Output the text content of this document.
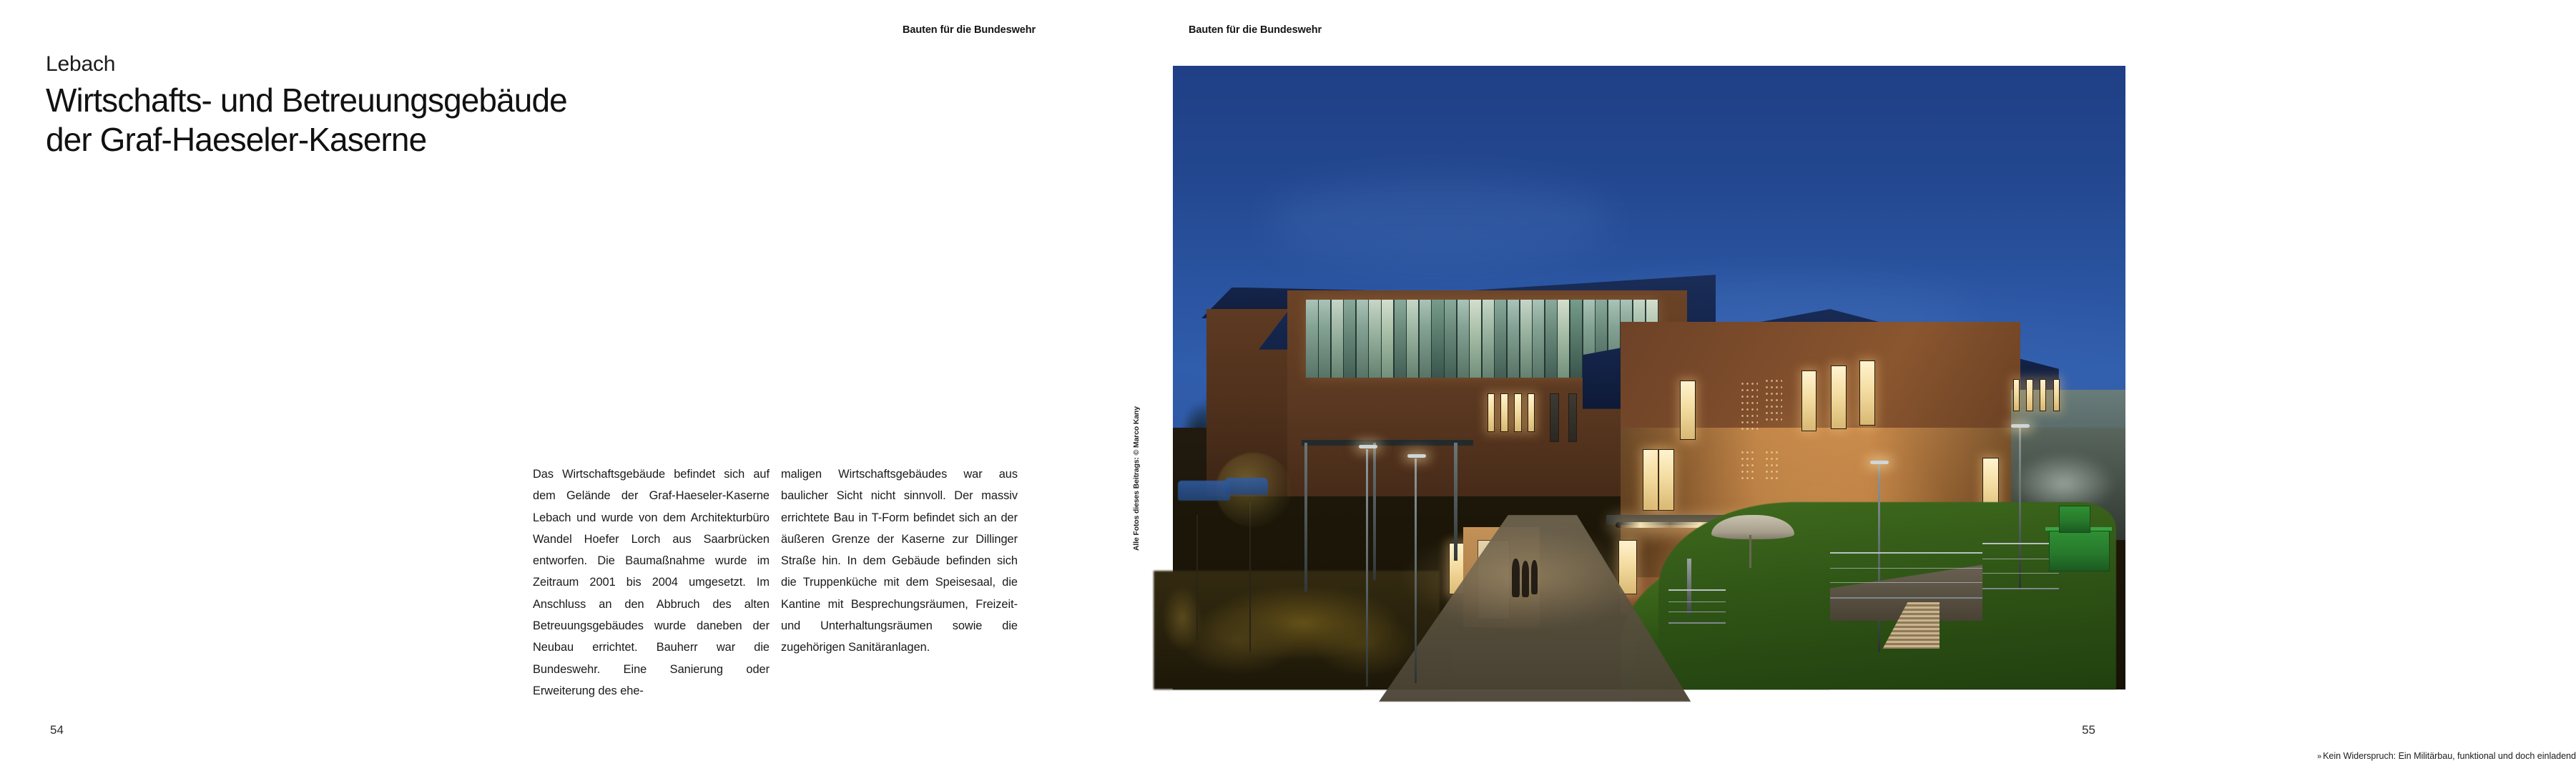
Bauten für die Bundeswehr
Lebach
Wirtschafts- und Betreuungsgebäude
der Graf-Haeseler-Kaserne

Das Wirtschaftsgebäude befindet sich auf dem Gelände der Graf-Haeseler-Kaserne Lebach und wurde von dem Architekturbüro Wandel Hoefer Lorch aus Saarbrücken entworfen. Die Baumaßnahme wurde im Zeitraum 2001 bis 2004 umgesetzt. Im Anschluss an den Abbruch des alten Betreuungsgebäudes wurde daneben der Neubau errichtet. Bauherr war die Bundeswehr. Eine Sanierung oder Erweiterung des ehe-

maligen Wirtschaftsgebäudes war aus baulicher Sicht nicht sinnvoll. Der massiv errichtete Bau in T-Form befindet sich an der äußeren Grenze der Kaserne zur Dillinger Straße hin. In dem Gebäude befinden sich die Truppenküche mit dem Speisesaal, die Kantine mit Besprechungsräumen, Freizeit- und Unterhaltungsräumen sowie die zugehörigen Sanitäranlagen.

54
Bauten für die Bundeswehr
» Kein Widerspruch: Ein Militärbau, funktional und doch einladend
Alle Fotos dieses Beitrags: © Marco Kany
55
